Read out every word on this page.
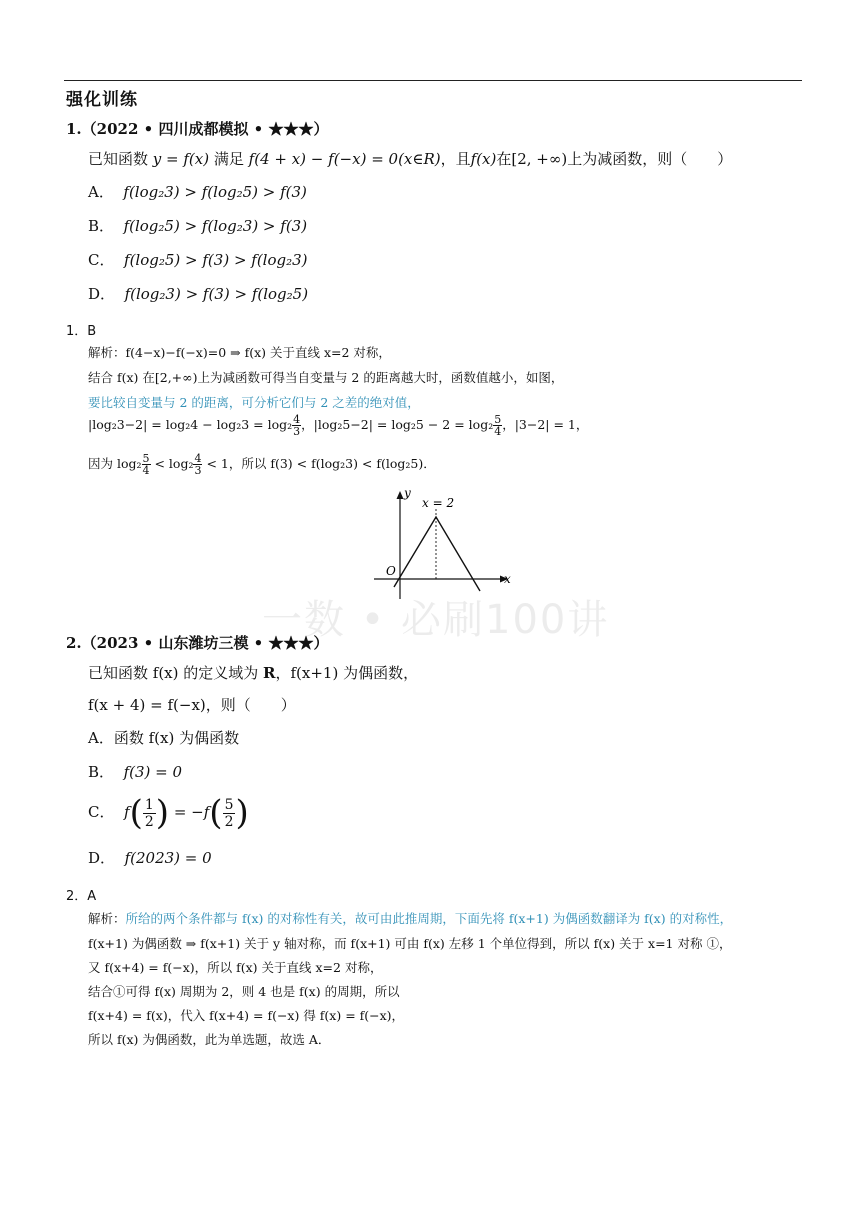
强化训练
1.（2022 • 四川成都模拟 • ★★★）
已知函数 y = f(x) 满足 f(4 + x) − f(−x) = 0(x∈R)，且f(x)在[2, +∞)上为减函数，则（　　）
A． f(log₂3) > f(log₂5) > f(3)
B． f(log₂5) > f(log₂3) > f(3)
C． f(log₂5) > f(3) > f(log₂3)
D． f(log₂3) > f(3) > f(log₂5)
1．B
解析：f(4−x)−f(−x)=0 ⇒ f(x) 关于直线 x=2 对称，
结合 f(x) 在[2,+∞)上为减函数可得当自变量与 2 的距离越大时，函数值越小，如图，
要比较自变量与 2 的距离，可分析它们与 2 之差的绝对值，
$|\log_23-2| = \log_24 - \log_23 = \log_2 \frac{4}{3}$ ，$|\log_25-2| = \log_25 - 2 = \log_2 \frac{5}{4}$ ，|3−2| = 1，
因为 $\log_2 \frac{5}{4} < \log_2 \frac{4}{3} < 1$，所以 f(3) < f(log₂3) < f(log₂5)．
y
x
O
x = 2
一数 • 必刷100讲
2.（2023 • 山东潍坊三模 • ★★★）
已知函数 f(x) 的定义域为 R，f(x+1) 为偶函数，
f(x + 4) = f(−x)，则（　　）
A．函数 f(x) 为偶函数
B． f(3) = 0
C． $f( \frac{1}{2}$ ) = $-f( \frac{5}{2}$ )
D． f(2023) = 0
2．A
解析：所给的两个条件都与 f(x) 的对称性有关，故可由此推周期，下面先将 f(x+1) 为偶函数翻译为 f(x) 的对称性，
f(x+1) 为偶函数 ⇒ f(x+1) 关于 y 轴对称，而 f(x+1) 可由 f(x) 左移 1 个单位得到，所以 f(x) 关于 x=1 对称 ①，
又 f(x+4) = f(−x)，所以 f(x) 关于直线 x=2 对称，
结合①可得 f(x) 周期为 2，则 4 也是 f(x) 的周期，所以
f(x+4) = f(x)，代入 f(x+4) = f(−x) 得 f(x) = f(−x)，
所以 f(x) 为偶函数，此为单选题，故选 A．
